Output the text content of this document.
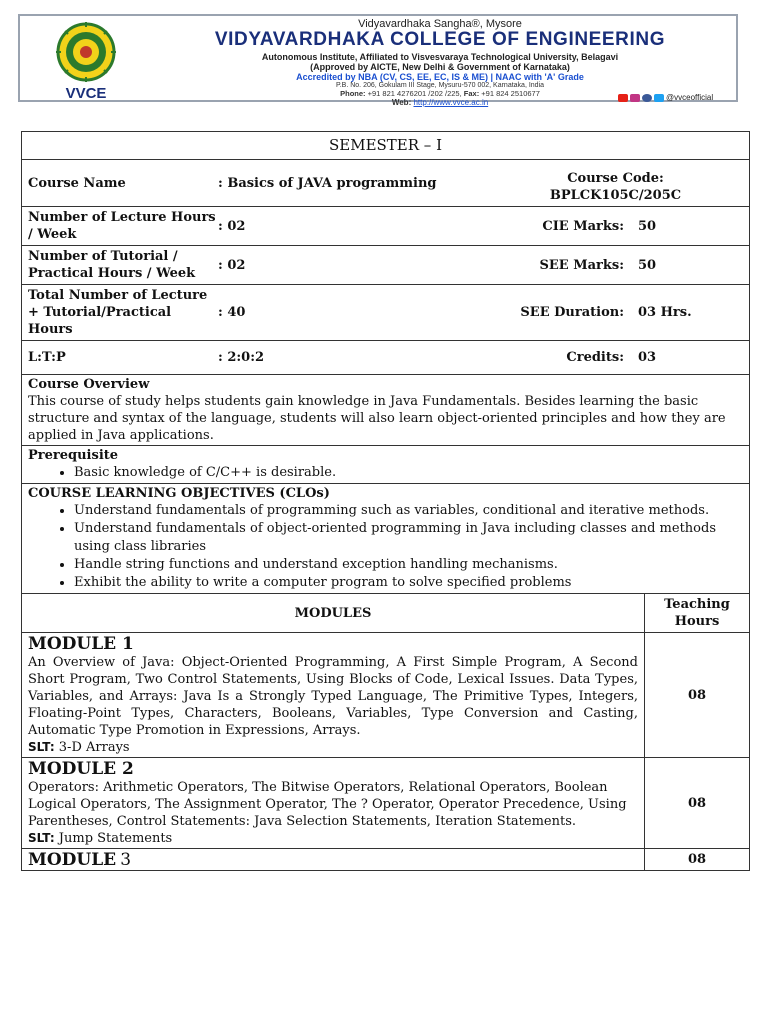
VVCE
Vidyavardhaka Sangha®, Mysore
VIDYAVARDHAKA COLLEGE OF ENGINEERING
Autonomous Institute, Affiliated to Visvesvaraya Technological University, Belagavi
(Approved by AICTE, New Delhi & Government of Karnataka)
Accredited by NBA (CV, CS, EE, EC, IS & ME) | NAAC with 'A' Grade
P.B. No. 206, Gokulam III Stage, Mysuru-570 002, Karnataka, India
Phone: +91 821 4276201 /202 /225, Fax: +91 824 2510677
Web: http://www.vvce.ac.in
@vvceofficial
SEMESTER – I

Course Name	: Basics of JAVA programming	Course Code:
BPLCK105C/205C

Number of Lecture Hours / Week	: 02	CIE Marks:	50

Number of Tutorial / Practical Hours / Week	: 02	SEE Marks:	50

Total Number of Lecture + Tutorial/Practical Hours	: 40	SEE Duration:	03 Hrs.

L:T:P	: 2:0:2	Credits:	03

Course Overview
This course of study helps students gain knowledge in Java Fundamentals. Besides learning the basic structure and syntax of the language, students will also learn object-oriented principles and how they are applied in Java applications.

Prerequisite
• Basic knowledge of C/C++ is desirable.

COURSE LEARNING OBJECTIVES (CLOs)
• Understand fundamentals of programming such as variables, conditional and iterative methods.
• Understand fundamentals of object-oriented programming in Java including classes and methods using class libraries
• Handle string functions and understand exception handling mechanisms.
• Exhibit the ability to write a computer program to solve specified problems

MODULES	Teaching Hours

MODULE 1
An Overview of Java: Object-Oriented Programming, A First Simple Program, A Second Short Program, Two Control Statements, Using Blocks of Code, Lexical Issues. Data Types, Variables, and Arrays: Java Is a Strongly Typed Language, The Primitive Types, Integers, Floating-Point Types, Characters, Booleans, Variables, Type Conversion and Casting, Automatic Type Promotion in Expressions, Arrays.
SLT: 3-D Arrays
	08

MODULE 2
Operators: Arithmetic Operators, The Bitwise Operators, Relational Operators, Boolean Logical Operators, The Assignment Operator, The ? Operator, Operator Precedence, Using Parentheses, Control Statements: Java Selection Statements, Iteration Statements.
SLT: Jump Statements
	08
MODULE 3	08
